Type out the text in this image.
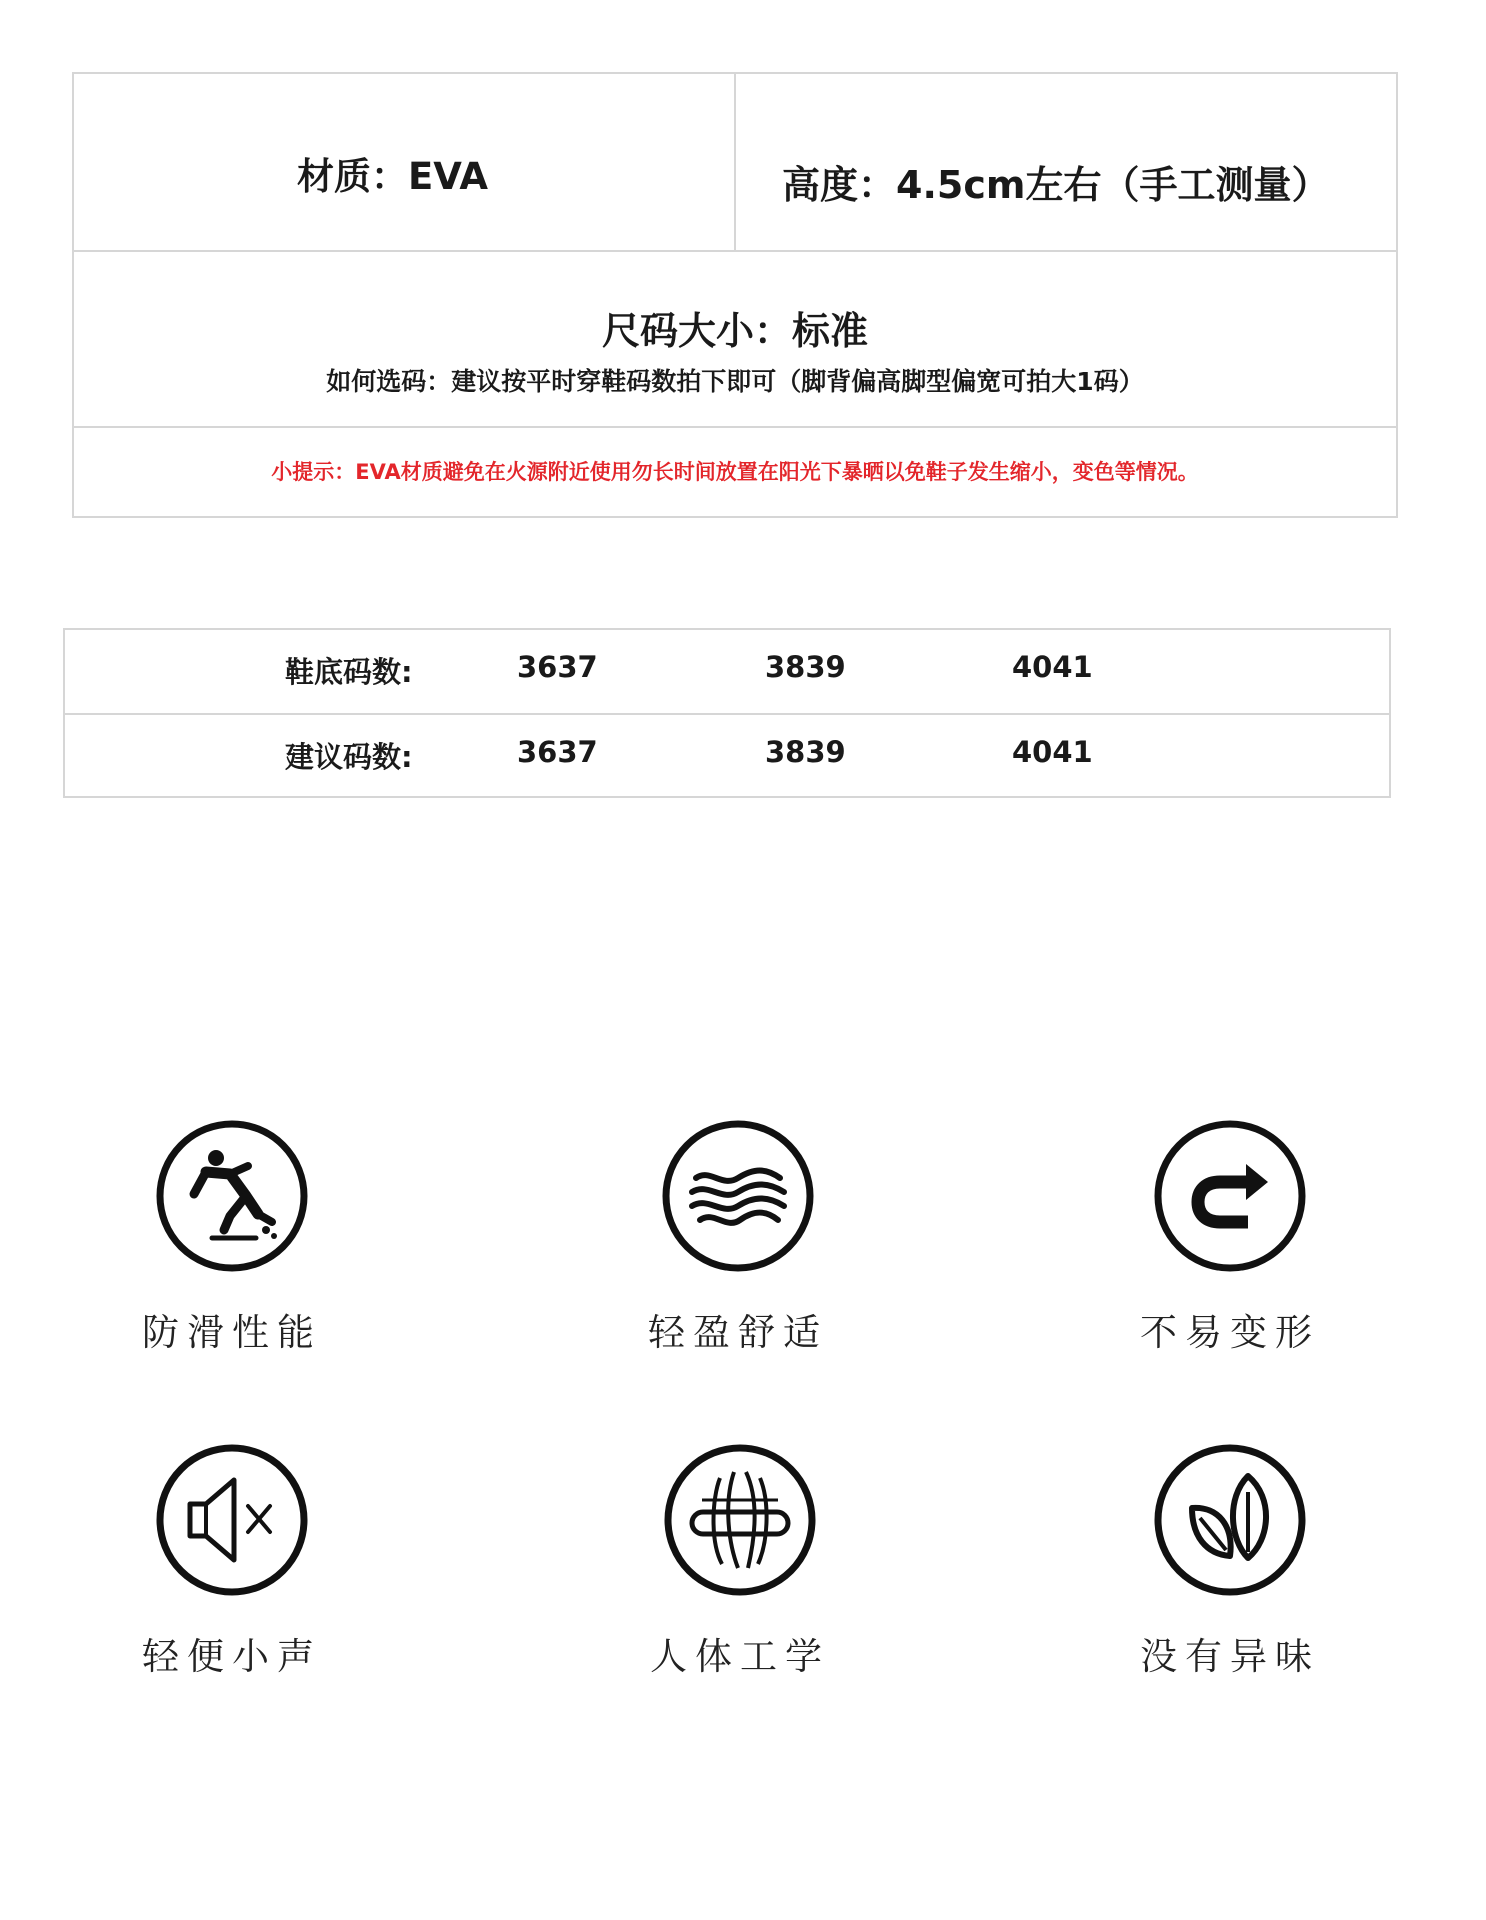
材质：EVA	高度：4.5cm左右（手工测量）
尺码大小：标准
如何选码：建议按平时穿鞋码数拍下即可（脚背偏高脚型偏宽可拍大1码）
小提示：EVA材质避免在火源附近使用勿长时间放置在阳光下暴晒以免鞋子发生缩小，变色等情况。
鞋底码数:	3637	3839	4041
建议码数:	3637	3839	4041
防滑性能	轻盈舒适	不易变形
轻便小声	人体工学	没有异味
